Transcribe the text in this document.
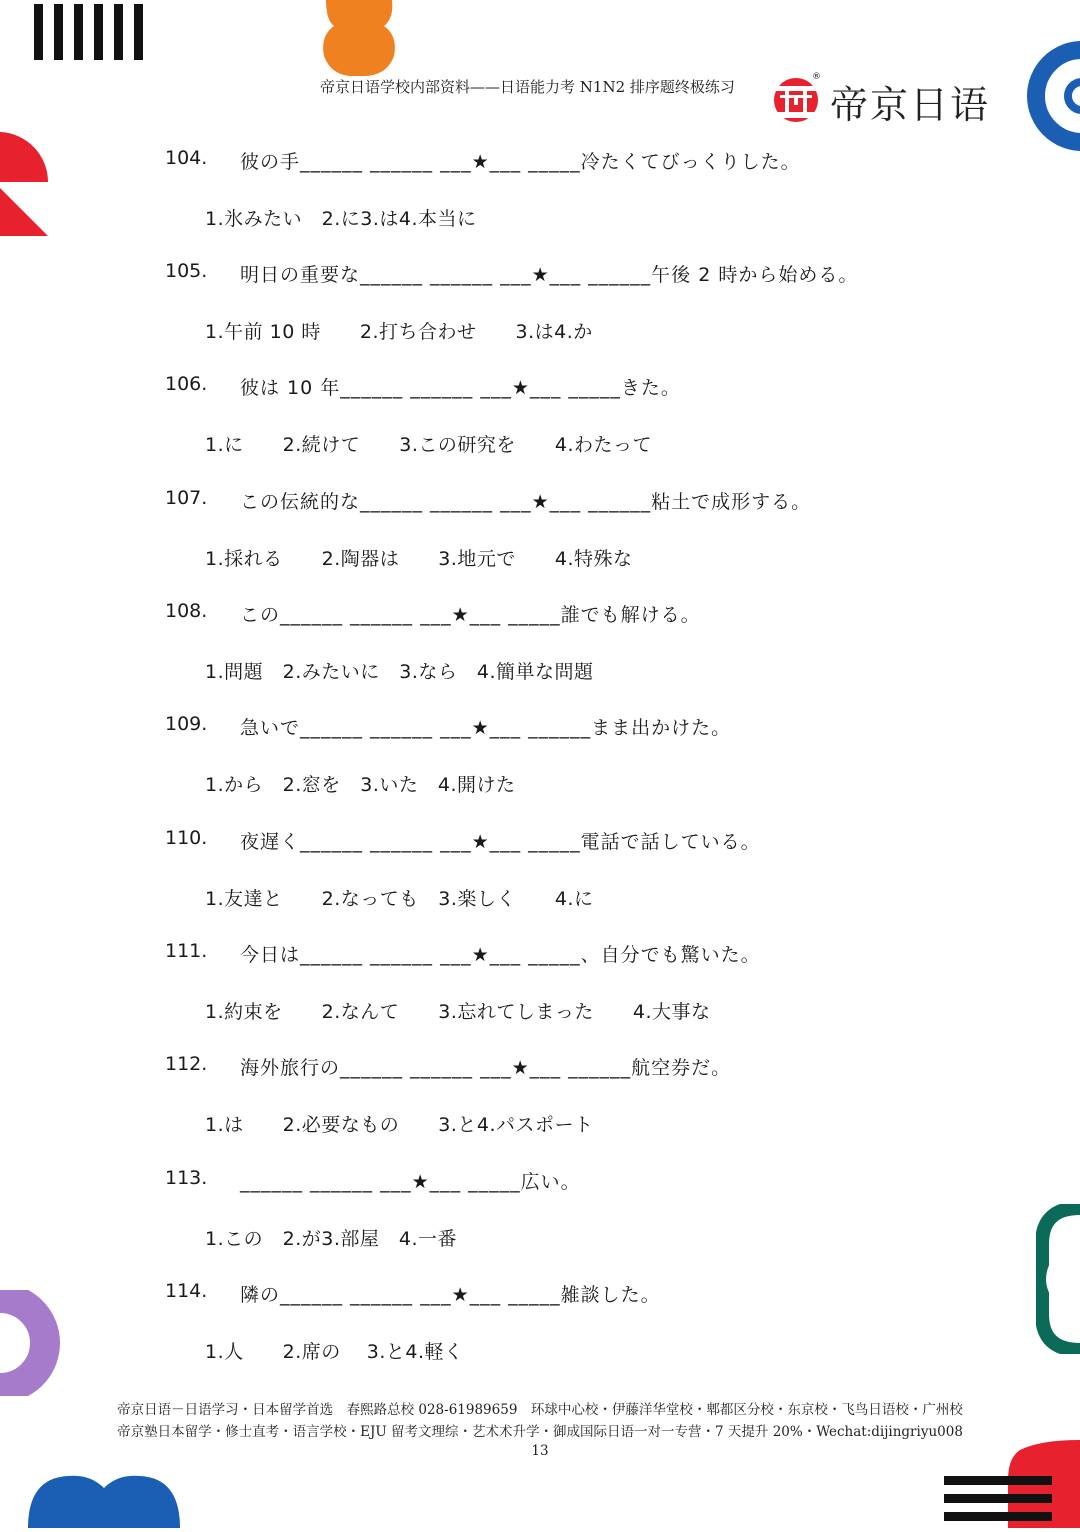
帝京日语学校内部资料——日语能力考 N1N2 排序题终极练习
®
帝京日语
104. 彼の手______ ______ ___★___ _____冷たくてびっくりした。
1.氷みたい　2.に3.は4.本当に
105. 明日の重要な______ ______ ___★___ ______午後 2 時から始める。
1.午前 10 時　　2.打ち合わせ　　3.は4.か
106. 彼は 10 年______ ______ ___★___ _____きた。
1.に　　2.続けて　　3.この研究を　　4.わたって
107. この伝統的な______ ______ ___★___ ______粘土で成形する。
1.採れる　　2.陶器は　　3.地元で　　4.特殊な
108. この______ ______ ___★___ _____誰でも解ける。
1.問題　2.みたいに　3.なら　4.簡単な問題
109. 急いで______ ______ ___★___ ______まま出かけた。
1.から　2.窓を　3.いた　4.開けた
110. 夜遅く______ ______ ___★___ _____電話で話している。
1.友達と　　2.なっても　3.楽しく　　4.に
111. 今日は______ ______ ___★___ _____、自分でも驚いた。
1.約束を　　2.なんて　　3.忘れてしまった　　4.大事な
112. 海外旅行の______ ______ ___★___ ______航空券だ。
1.は　　2.必要なもの　　3.と4.パスポート
113. ______ ______ ___★___ _____広い。
1.この　2.が3.部屋　4.一番
114. 隣の______ ______ ___★___ _____雑談した。
1.人　　2.席の　 3.と4.軽く
帝京日语－日语学习・日本留学首选　春熙路总校 028-61989659　环球中心校・伊藤洋华堂校・郫都区分校・东京校・飞鸟日语校・广州校
帝京塾日本留学・修士直考・语言学校・EJU 留考文理综・艺术术升学・御成国际日语一对一专营・7 天提升 20%・Wechat:dijingriyu008
13
